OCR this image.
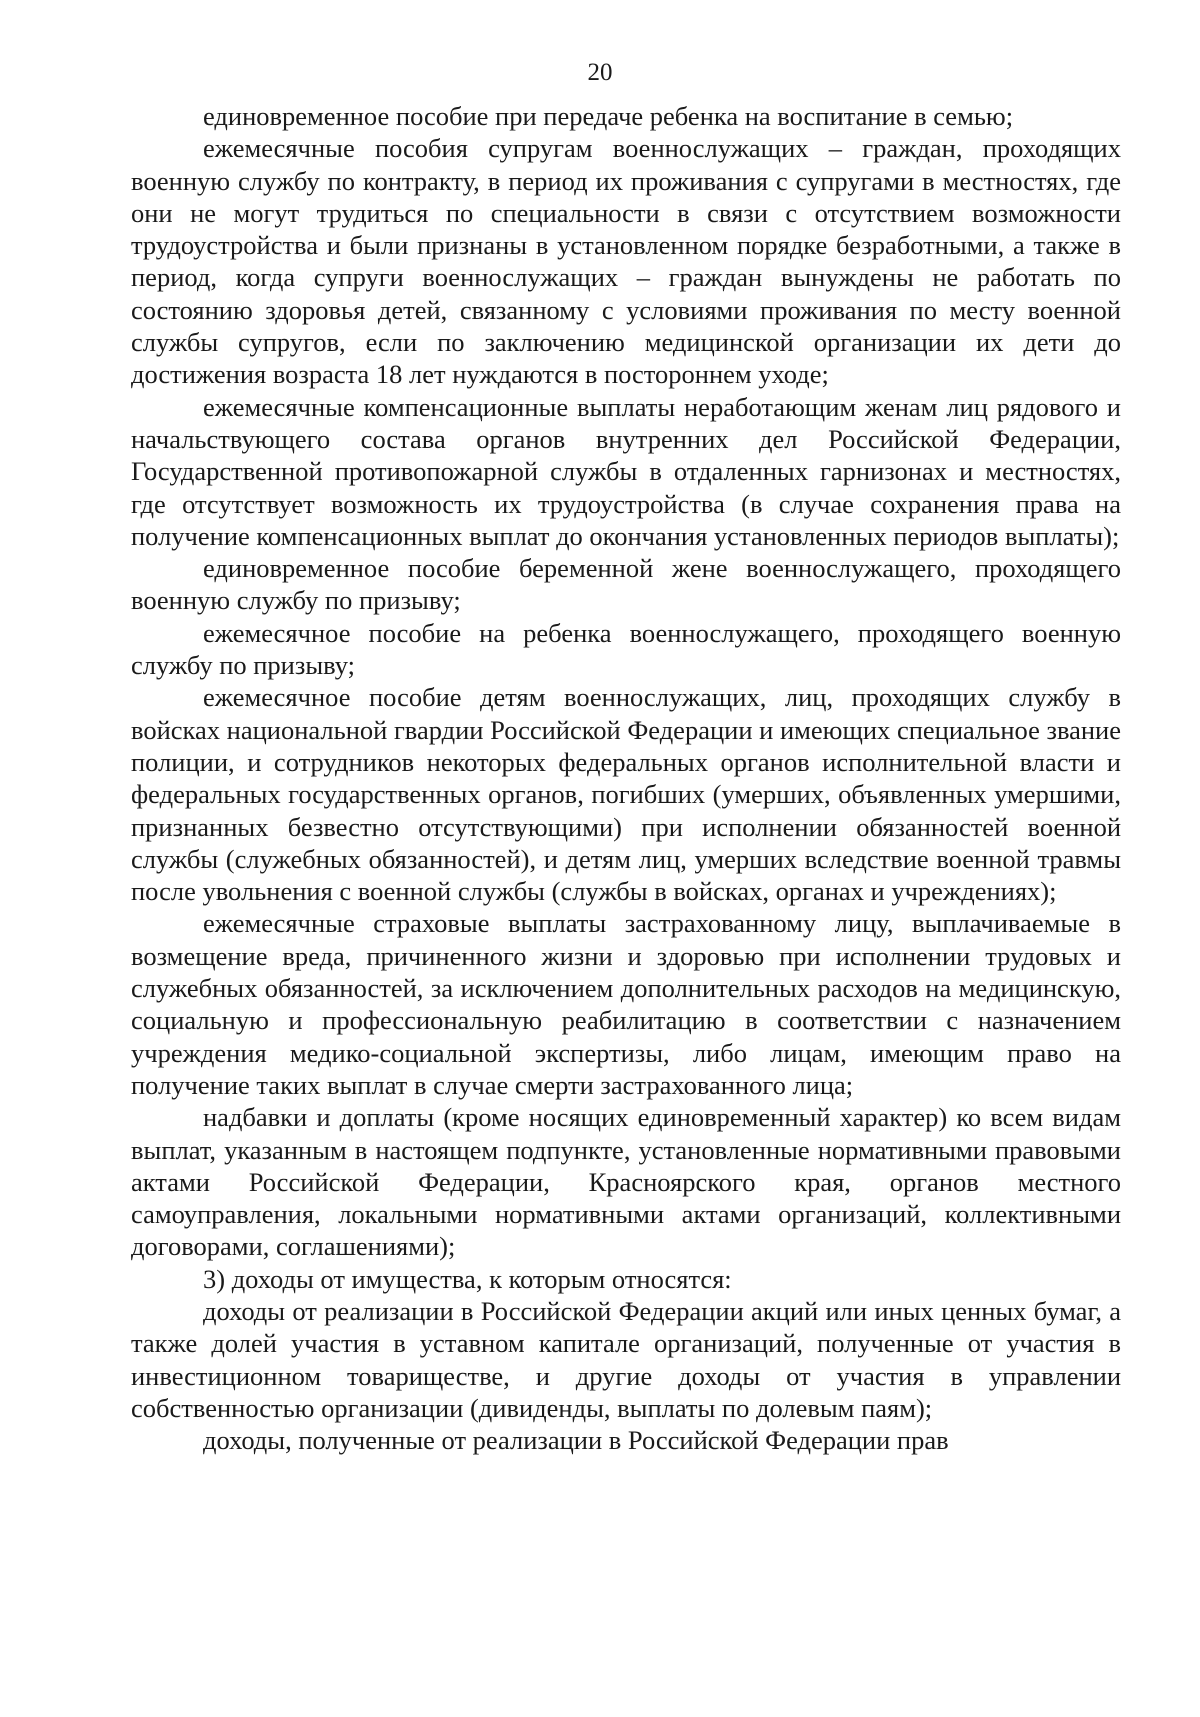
20

единовременное пособие при передаче ребенка на воспитание в семью;

ежемесячные пособия супругам военнослужащих – граждан, проходящих военную службу по контракту, в период их проживания с супругами в местностях, где они не могут трудиться по специальности в связи с отсутствием возможности трудоустройства и были признаны в установленном порядке безработными, а также в период, когда супруги военнослужащих – граждан вынуждены не работать по состоянию здоровья детей, связанному с условиями проживания по месту военной службы супругов, если по заключению медицинской организации их дети до достижения возраста 18 лет нуждаются в постороннем уходе;

ежемесячные компенсационные выплаты неработающим женам лиц рядового и начальствующего состава органов внутренних дел Российской Федерации, Государственной противопожарной службы в отдаленных гарнизонах и местностях, где отсутствует возможность их трудоустройства (в случае сохранения права на получение компенсационных выплат до окончания установленных периодов выплаты);

единовременное пособие беременной жене военнослужащего, проходящего военную службу по призыву;

ежемесячное пособие на ребенка военнослужащего, проходящего военную службу по призыву;

ежемесячное пособие детям военнослужащих, лиц, проходящих службу в войсках национальной гвардии Российской Федерации и имеющих специальное звание полиции, и сотрудников некоторых федеральных органов исполнительной власти и федеральных государственных органов, погибших (умерших, объявленных умершими, признанных безвестно отсутствующими) при исполнении обязанностей военной службы (служебных обязанностей), и детям лиц, умерших вследствие военной травмы после увольнения с военной службы (службы в войсках, органах и учреждениях);

ежемесячные страховые выплаты застрахованному лицу, выплачиваемые в возмещение вреда, причиненного жизни и здоровью при исполнении трудовых и служебных обязанностей, за исключением дополнительных расходов на медицинскую, социальную и профессиональную реабилитацию в соответствии с назначением учреждения медико-социальной экспертизы, либо лицам, имеющим право на получение таких выплат в случае смерти застрахованного лица;

надбавки и доплаты (кроме носящих единовременный характер) ко всем видам выплат, указанным в настоящем подпункте, установленные нормативными правовыми актами Российской Федерации, Красноярского края, органов местного самоуправления, локальными нормативными актами организаций, коллективными договорами, соглашениями);

3) доходы от имущества, к которым относятся:

доходы от реализации в Российской Федерации акций или иных ценных бумаг, а также долей участия в уставном капитале организаций, полученные от участия в инвестиционном товариществе, и другие доходы от участия в управлении собственностью организации (дивиденды, выплаты по долевым паям);

доходы, полученные от реализации в Российской Федерации прав
